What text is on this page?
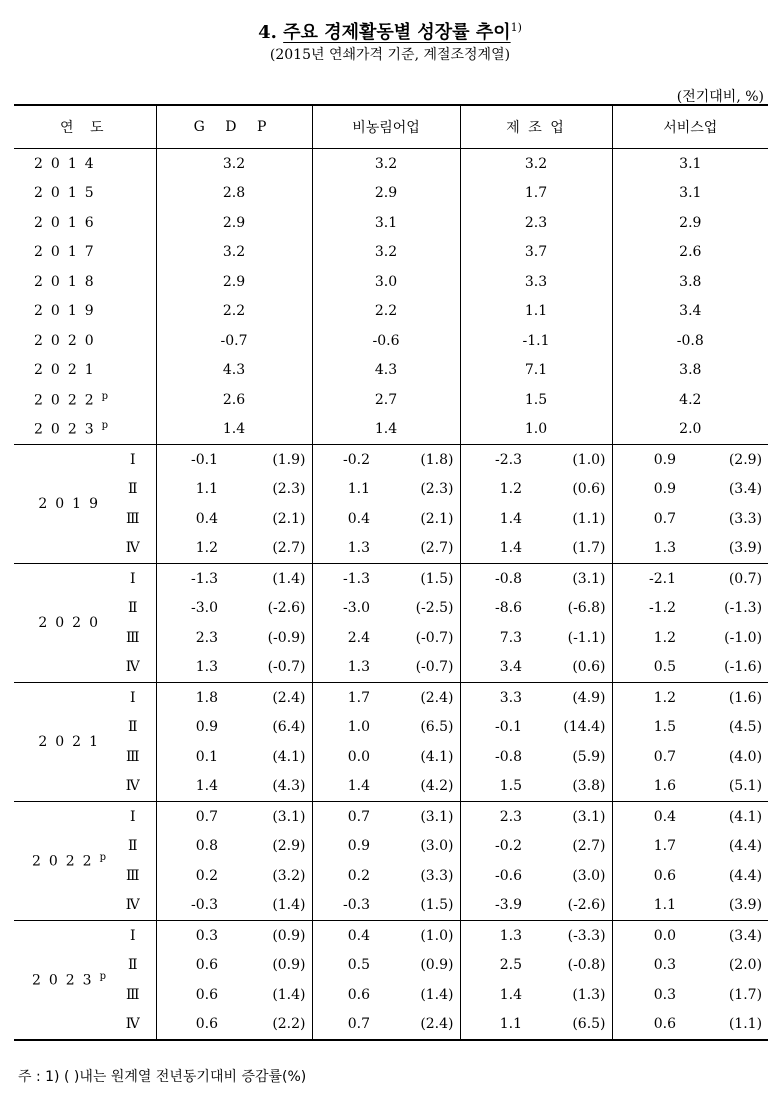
4. 주요 경제활동별 성장률 추이$^{1)}$
(2015년 연쇄가격 기준, 계절조정계열)
(전기대비, %)
연 도		G D P		비농림어업		제 조 업		서비스업	
2014		3.2		3.2		3.2		3.1	
2015		2.8		2.9		1.7		3.1	
2016		2.9		3.1		2.3		2.9	
2017		3.2		3.2		3.7		2.6	
2018		2.9		3.0		3.3		3.8	
2019		2.2		2.2		1.1		3.4	
2020		-0.7		-0.6		-1.1		-0.8	
2021		4.3		4.3		7.1		3.8	
2022$^p$		2.6		2.7		1.5		4.2	
2023$^p$		1.4		1.4		1.0		2.0	
2019	Ⅰ	-0.1	(1.9)	-0.2	(1.8)	-2.3	(1.0)	0.9	(2.9)
	Ⅱ	1.1	(2.3)	1.1	(2.3)	1.2	(0.6)	0.9	(3.4)
	Ⅲ	0.4	(2.1)	0.4	(2.1)	1.4	(1.1)	0.7	(3.3)
	Ⅳ	1.2	(2.7)	1.3	(2.7)	1.4	(1.7)	1.3	(3.9)
2020	Ⅰ	-1.3	(1.4)	-1.3	(1.5)	-0.8	(3.1)	-2.1	(0.7)
	Ⅱ	-3.0	(-2.6)	-3.0	(-2.5)	-8.6	(-6.8)	-1.2	(-1.3)
	Ⅲ	2.3	(-0.9)	2.4	(-0.7)	7.3	(-1.1)	1.2	(-1.0)
	Ⅳ	1.3	(-0.7)	1.3	(-0.7)	3.4	(0.6)	0.5	(-1.6)
2021	Ⅰ	1.8	(2.4)	1.7	(2.4)	3.3	(4.9)	1.2	(1.6)
	Ⅱ	0.9	(6.4)	1.0	(6.5)	-0.1	(14.4)	1.5	(4.5)
	Ⅲ	0.1	(4.1)	0.0	(4.1)	-0.8	(5.9)	0.7	(4.0)
	Ⅳ	1.4	(4.3)	1.4	(4.2)	1.5	(3.8)	1.6	(5.1)
2022$^p$	Ⅰ	0.7	(3.1)	0.7	(3.1)	2.3	(3.1)	0.4	(4.1)
	Ⅱ	0.8	(2.9)	0.9	(3.0)	-0.2	(2.7)	1.7	(4.4)
	Ⅲ	0.2	(3.2)	0.2	(3.3)	-0.6	(3.0)	0.6	(4.4)
	Ⅳ	-0.3	(1.4)	-0.3	(1.5)	-3.9	(-2.6)	1.1	(3.9)
2023$^p$	Ⅰ	0.3	(0.9)	0.4	(1.0)	1.3	(-3.3)	0.0	(3.4)
	Ⅱ	0.6	(0.9)	0.5	(0.9)	2.5	(-0.8)	0.3	(2.0)
	Ⅲ	0.6	(1.4)	0.6	(1.4)	1.4	(1.3)	0.3	(1.7)
	Ⅳ	0.6	(2.2)	0.7	(2.4)	1.1	(6.5)	0.6	(1.1)
주 : 1) ( )내는 원계열 전년동기대비 증감률(%)
